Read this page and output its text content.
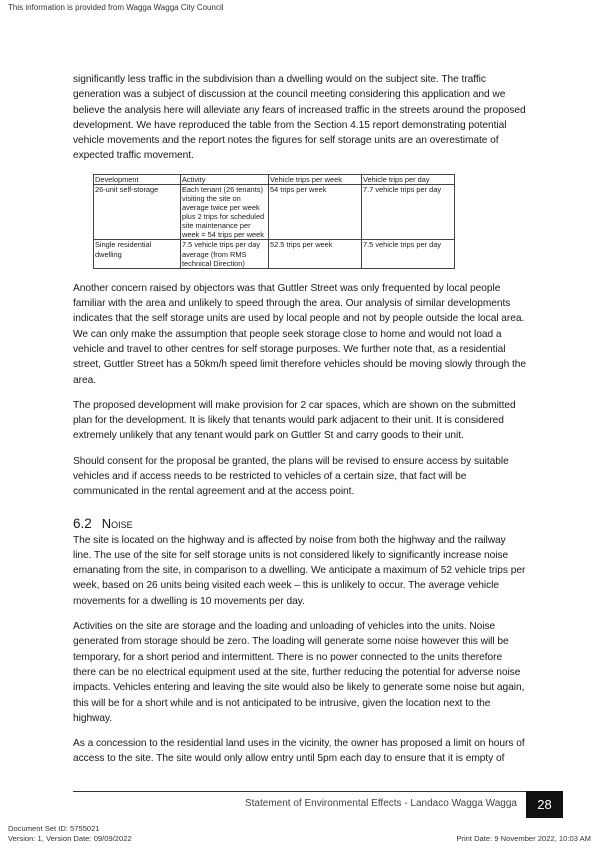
This information is provided from Wagga Wagga City Council

significantly less traffic in the subdivision than a dwelling would on the subject site. The traffic generation was a subject of discussion at the council meeting considering this application and we believe the analysis here will alleviate any fears of increased traffic in the streets around the proposed development. We have reproduced the table from the Section 4.15 report demonstrating potential vehicle movements and the report notes the figures for self storage units are an overestimate of expected traffic movement.

Development	Activity	Vehicle trips per week	Vehicle trips per day
26-unit self-storage	Each tenant (26 tenants) visiting the site on average twice per week plus 2 trips for scheduled site maintenance per week = 54 trips per week	54 trips per week	7.7 vehicle trips per day
Single residential dwelling	7.5 vehicle trips per day average (from RMS technical Direction)	52.5 trips per week	7.5 vehicle trips per day

Another concern raised by objectors was that Guttler Street was only frequented by local people familiar with the area and unlikely to speed through the area. Our analysis of similar developments indicates that the self storage units are used by local people and not by people outside the local area. We can only make the assumption that people seek storage close to home and would not load a vehicle and travel to other centres for self storage purposes. We further note that, as a residential street, Guttler Street has a 50km/h speed limit therefore vehicles should be moving slowly through the area.

The proposed development will make provision for 2 car spaces, which are shown on the submitted plan for the development. It is likely that tenants would park adjacent to their unit. It is considered extremely unlikely that any tenant would park on Guttler St and carry goods to their unit.

Should consent for the proposal be granted, the plans will be revised to ensure access by suitable vehicles and if access needs to be restricted to vehicles of a certain size, that fact will be communicated in the rental agreement and at the access point.

6.2 Noise

The site is located on the highway and is affected by noise from both the highway and the railway line. The use of the site for self storage units is not considered likely to significantly increase noise emanating from the site, in comparison to a dwelling. We anticipate a maximum of 52 vehicle trips per week, based on 26 units being visited each week – this is unlikely to occur. The average vehicle movements for a dwelling is 10 movements per day.

Activities on the site are storage and the loading and unloading of vehicles into the units. Noise generated from storage should be zero. The loading will generate some noise however this will be temporary, for a short period and intermittent. There is no power connected to the units therefore there can be no electrical equipment used at the site, further reducing the potential for adverse noise impacts. Vehicles entering and leaving the site would also be likely to generate some noise but again, this will be for a short while and is not anticipated to be intrusive, given the location next to the highway.

As a concession to the residential land uses in the vicinity, the owner has proposed a limit on hours of access to the site. The site would only allow entry until 5pm each day to ensure that it is empty of

Statement of Environmental Effects - Landaco Wagga Wagga	28
Document Set ID: 5755021
Version: 1, Version Date: 09/09/2022	Print Date: 9 November 2022, 10:03 AM
